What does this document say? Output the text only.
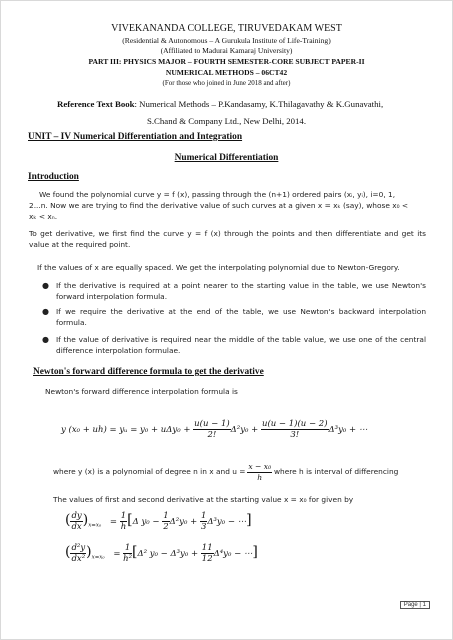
VIVEKANANDA COLLEGE, TIRUVEDAKAM WEST
(Residential & Autonomous – A Gurukula Institute of Life-Training)
(Affiliated to Madurai Kamaraj University)
PART III: PHYSICS MAJOR – FOURTH SEMESTER-CORE SUBJECT PAPER-II
NUMERICAL METHODS – 06CT42
(For those who joined in June 2018 and after)
Reference Text Book: Numerical Methods – P.Kandasamy, K.Thilagavathy & K.Gunavathi,
S.Chand & Company Ltd., New Delhi, 2014.
UNIT – IV Numerical Differentiation and Integration
Numerical Differentiation
Introduction
We found the polynomial curve y = f (x), passing through the (n+1) ordered pairs (xᵢ, yᵢ), i=0, 1,
2...n. Now we are trying to find the derivative value of such curves at a given x = xₖ (say), whose x₀ <
xₖ < xₙ.
To get derivative, we first find the curve y = f (x) through the points and then differentiate and get its value at the required point.
If the values of x are equally spaced. We get the interpolating polynomial due to Newton-Gregory.
● If the derivative is required at a point nearer to the starting value in the table, we use Newton's forward interpolation formula.
● If we require the derivative at the end of the table, we use Newton's backward interpolation formula.
● If the value of derivative is required near the middle of the table value, we use one of the central difference interpolation formulae.
Newton's forward difference formula to get the derivative
Newton's forward difference interpolation formula is
y (x₀ + uh) = yᵤ = $y_0 + u\Delta y_0 + \frac{u(u - 1)}{2!} \Delta^2y_0 + \frac{u(u - 1)(u - 2)}{3!} \Delta^3y_0$ + ⋯
where y (x) is a polynomial of degree n in x and $u = \frac{\text{x − x₀}}{h}$ where h is interval of differencing
The values of first and second derivative at the starting value x = x₀ for given by
( $\frac{dy}{dx} )_{x=x_0} = \frac{1}{h} [\Delta$ $y_0 - \frac{1}{2} \Delta^2y_0 + \frac{1}{3} \Delta^3y_0$ − ⋯]
( $\frac{\text{d²y}}{\text{dx²}} )_{x=x_0} = \frac{1}{\text{h²}} [\Delta^2$ $y_0 - \Delta^3y_0 + \frac{11}{12} \Delta^4y_0$ − ⋯]
Page | 1
